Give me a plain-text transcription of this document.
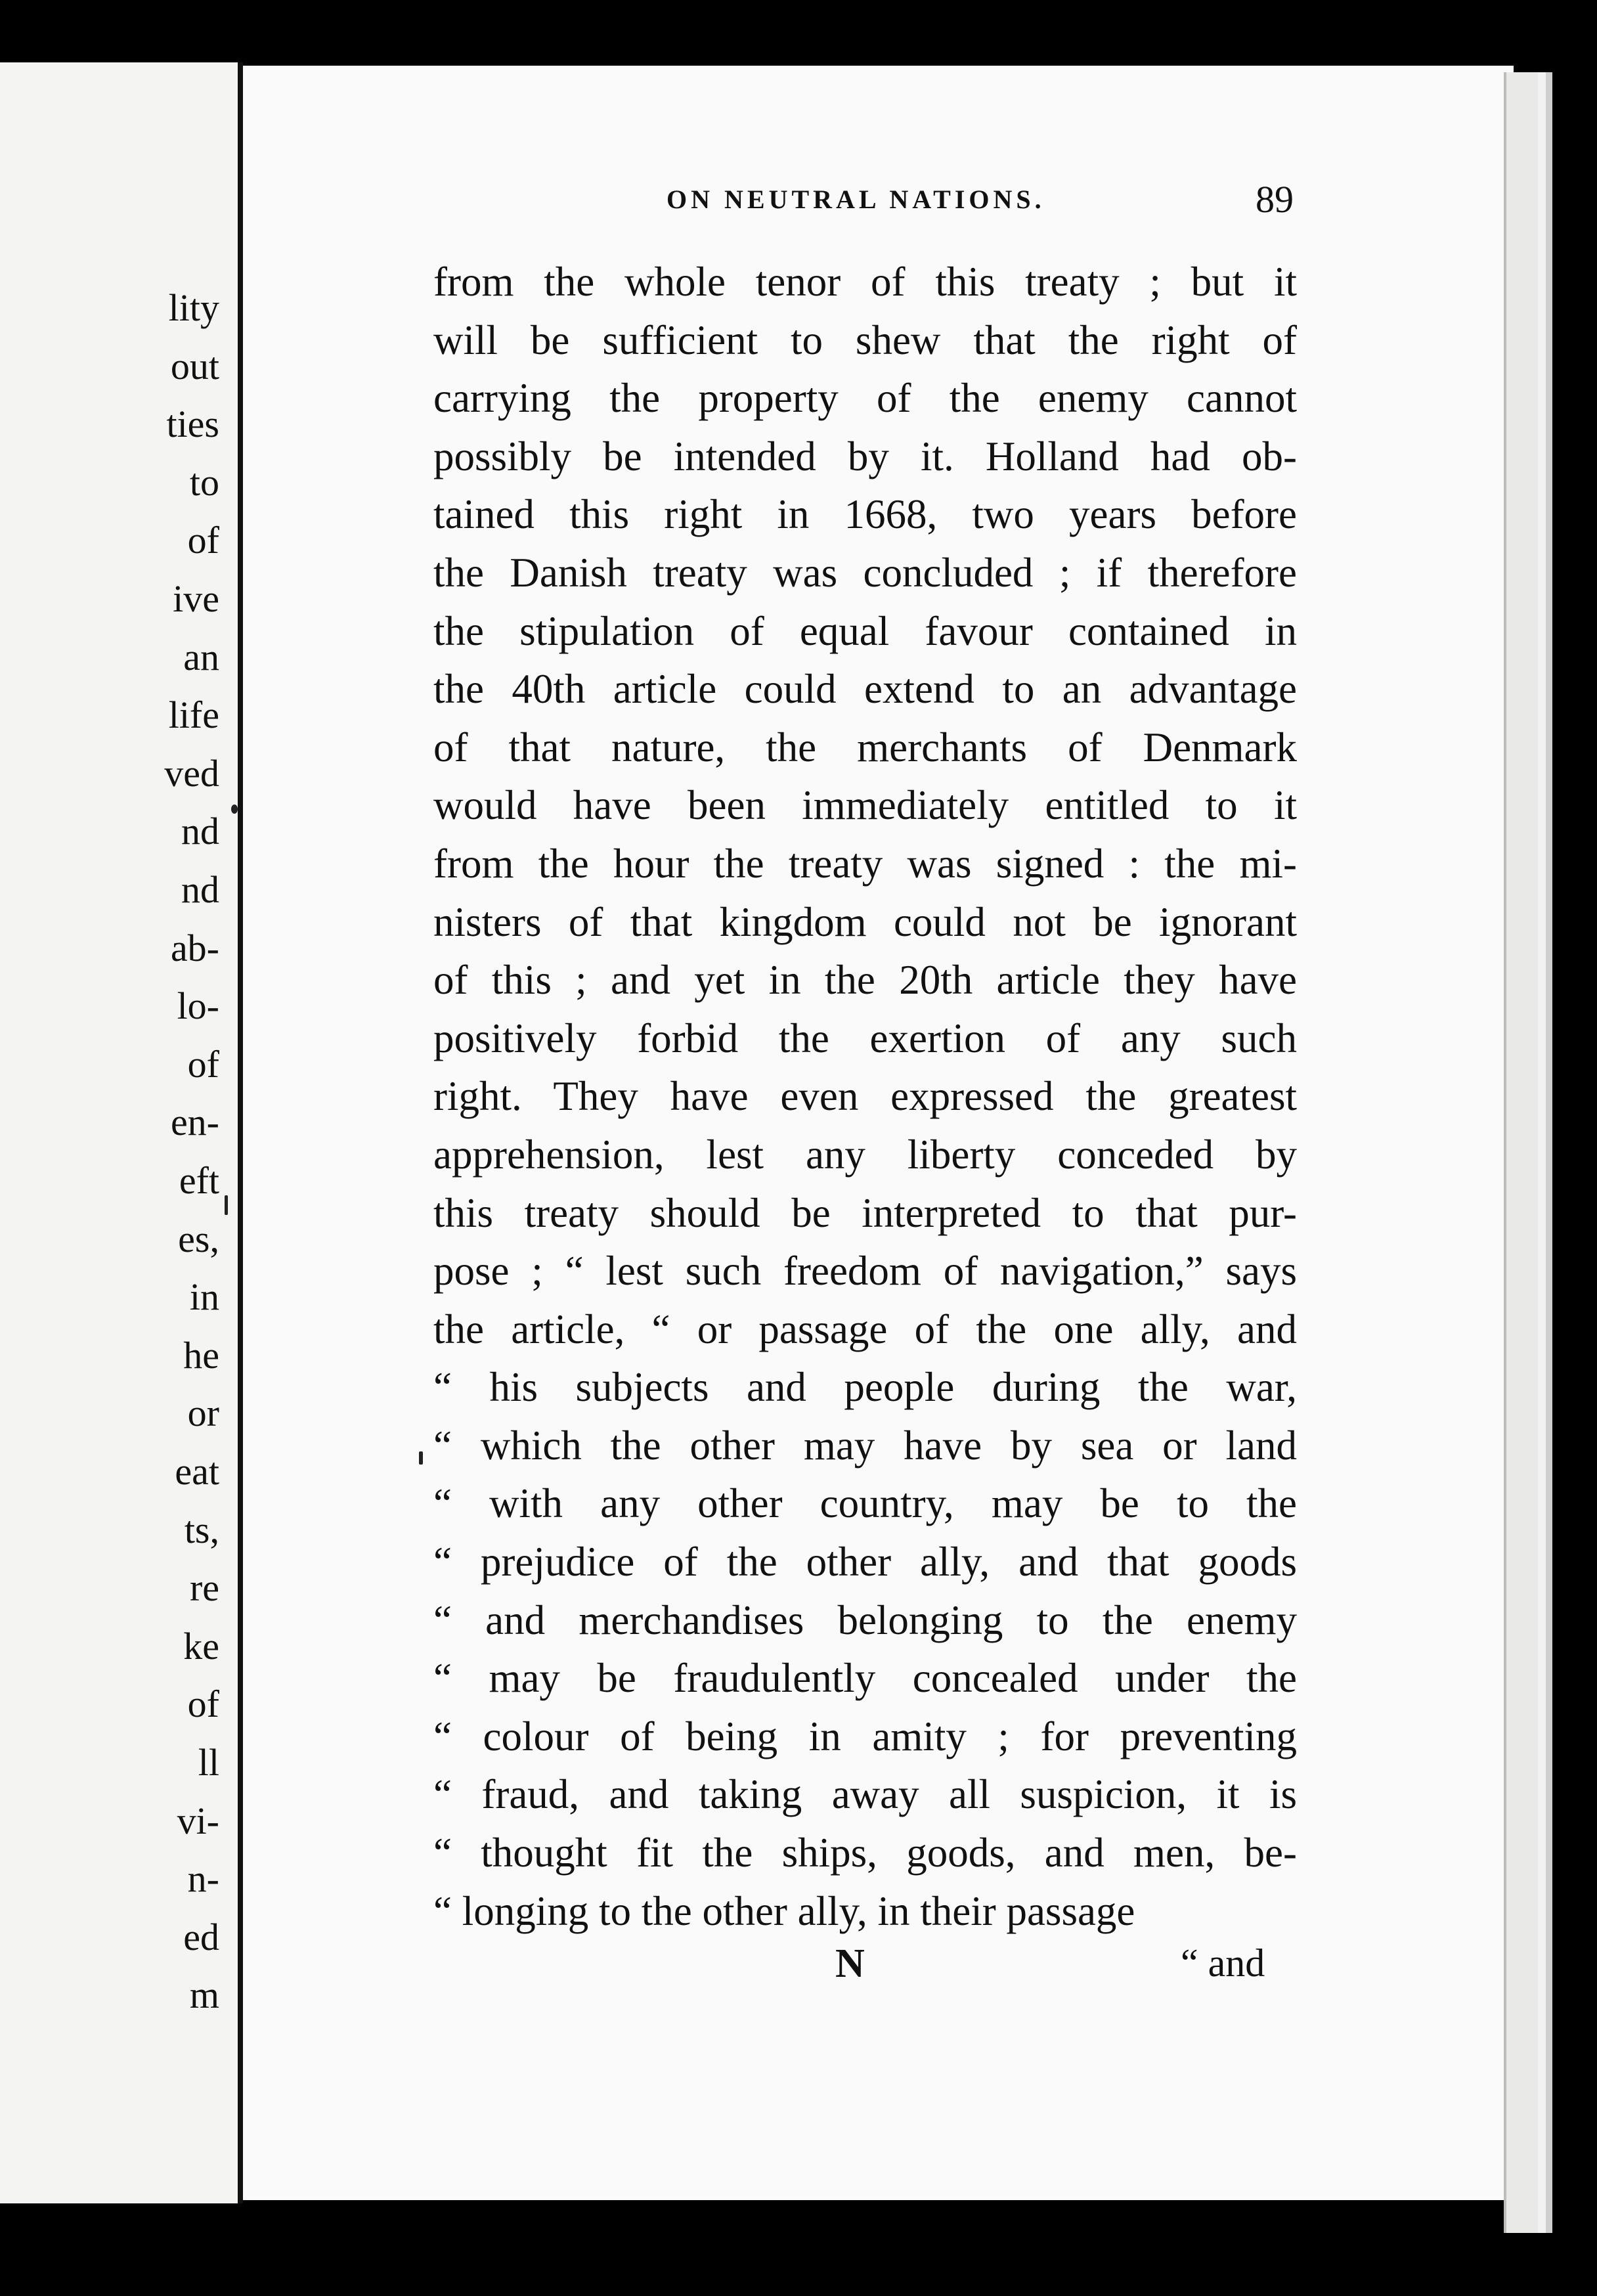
lity
out
ties
to
of
ive
an
life
ved
nd
nd
ab-
lo-
of
en-
eft
es,
in
he
or
eat
ts,
re
ke
of
ll
vi-
n-
ed
m
ON NEUTRAL NATIONS.	89
from the whole tenor of this treaty ; but it
will be sufficient to shew that the right of
carrying the property of the enemy cannot
possibly be intended by it. Holland had ob-
tained this right in 1668, two years before
the Danish treaty was concluded ; if therefore
the stipulation of equal favour contained in
the 40th article could extend to an advantage
of that nature, the merchants of Denmark
would have been immediately entitled to it
from the hour the treaty was signed : the mi-
nisters of that kingdom could not be ignorant
of this ; and yet in the 20th article they have
positively forbid the exertion of any such
right. They have even expressed the greatest
apprehension, lest any liberty conceded by
this treaty should be interpreted to that pur-
pose ; “ lest such freedom of navigation,” says
the article, “ or passage of the one ally, and
“ his subjects and people during the war,
“ which the other may have by sea or land
“ with any other country, may be to the
“ prejudice of the other ally, and that goods
“ and merchandises belonging to the enemy
“ may be fraudulently concealed under the
“ colour of being in amity ; for preventing
“ fraud, and taking away all suspicion, it is
“ thought fit the ships, goods, and men, be-
“ longing to the other ally, in their passage
N	“ and
